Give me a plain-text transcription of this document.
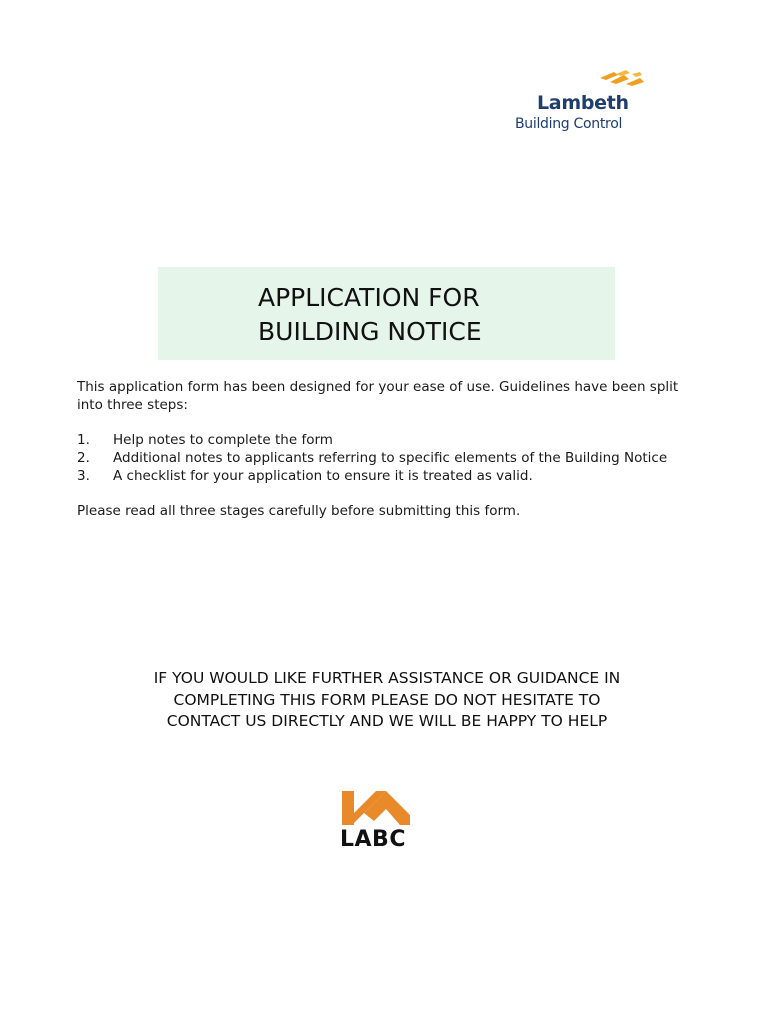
Lambeth
Building Control
APPLICATION FOR
BUILDING NOTICE
This application form has been designed for your ease of use. Guidelines have been split into three steps:
1. Help notes to complete the form
2. Additional notes to applicants referring to specific elements of the Building Notice
3. A checklist for your application to ensure it is treated as valid.
Please read all three stages carefully before submitting this form.
IF YOU WOULD LIKE FURTHER ASSISTANCE OR GUIDANCE IN
COMPLETING THIS FORM PLEASE DO NOT HESITATE TO
CONTACT US DIRECTLY AND WE WILL BE HAPPY TO HELP
LABC
